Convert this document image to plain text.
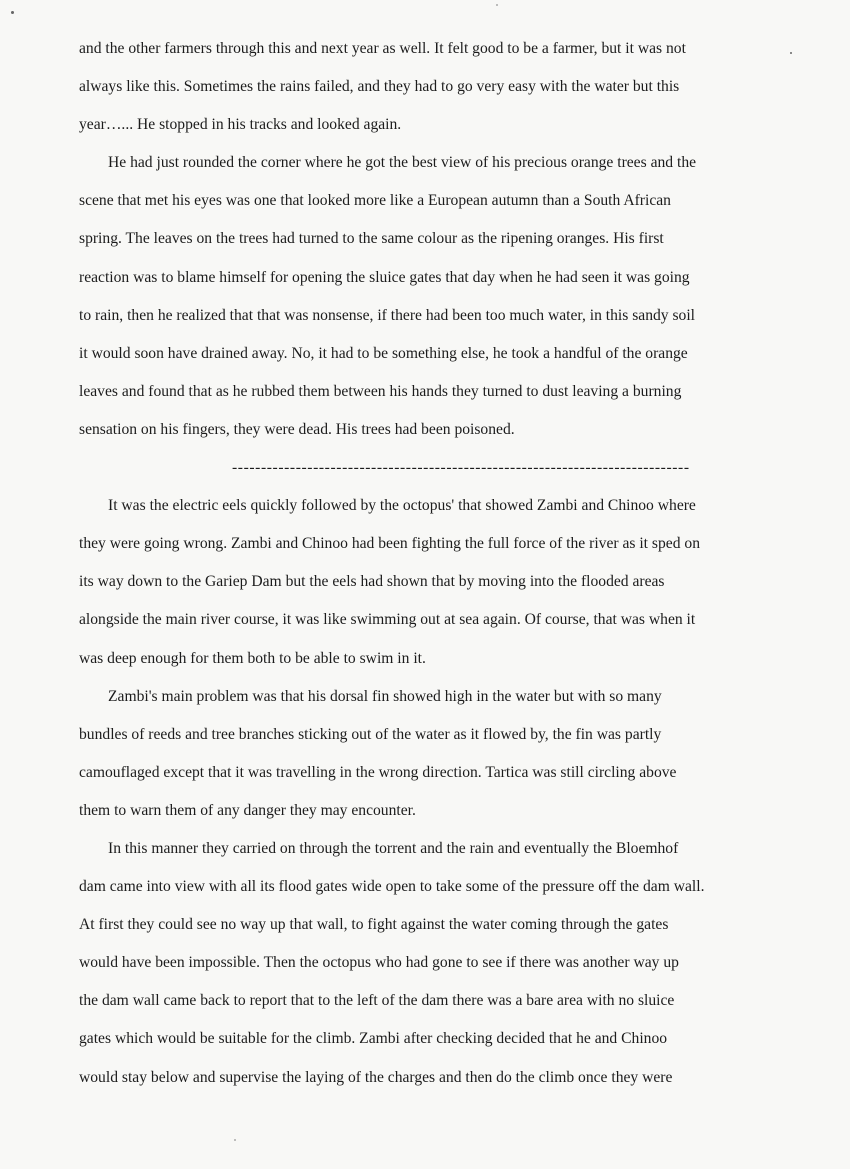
and the other farmers through this and next year as well. It felt good to be a farmer, but it was not
always like this. Sometimes the rains failed, and they had to go very easy with the water but this
year…... He stopped in his tracks and looked again.
He had just rounded the corner where he got the best view of his precious orange trees and the
scene that met his eyes was one that looked more like a European autumn than a South African
spring. The leaves on the trees had turned to the same colour as the ripening oranges. His first
reaction was to blame himself for opening the sluice gates that day when he had seen it was going
to rain, then he realized that that was nonsense, if there had been too much water, in this sandy soil
it would soon have drained away. No, it had to be something else, he took a handful of the orange
leaves and found that as he rubbed them between his hands they turned to dust leaving a burning
sensation on his fingers, they were dead. His trees had been poisoned.
-------------------------------------------------------------------------------
It was the electric eels quickly followed by the octopus' that showed Zambi and Chinoo where
they were going wrong. Zambi and Chinoo had been fighting the full force of the river as it sped on
its way down to the Gariep Dam but the eels had shown that by moving into the flooded areas
alongside the main river course, it was like swimming out at sea again. Of course, that was when it
was deep enough for them both to be able to swim in it.
Zambi's main problem was that his dorsal fin showed high in the water but with so many
bundles of reeds and tree branches sticking out of the water as it flowed by, the fin was partly
camouflaged except that it was travelling in the wrong direction. Tartica was still circling above
them to warn them of any danger they may encounter.
In this manner they carried on through the torrent and the rain and eventually the Bloemhof
dam came into view with all its flood gates wide open to take some of the pressure off the dam wall.
At first they could see no way up that wall, to fight against the water coming through the gates
would have been impossible. Then the octopus who had gone to see if there was another way up
the dam wall came back to report that to the left of the dam there was a bare area with no sluice
gates which would be suitable for the climb. Zambi after checking decided that he and Chinoo
would stay below and supervise the laying of the charges and then do the climb once they were
